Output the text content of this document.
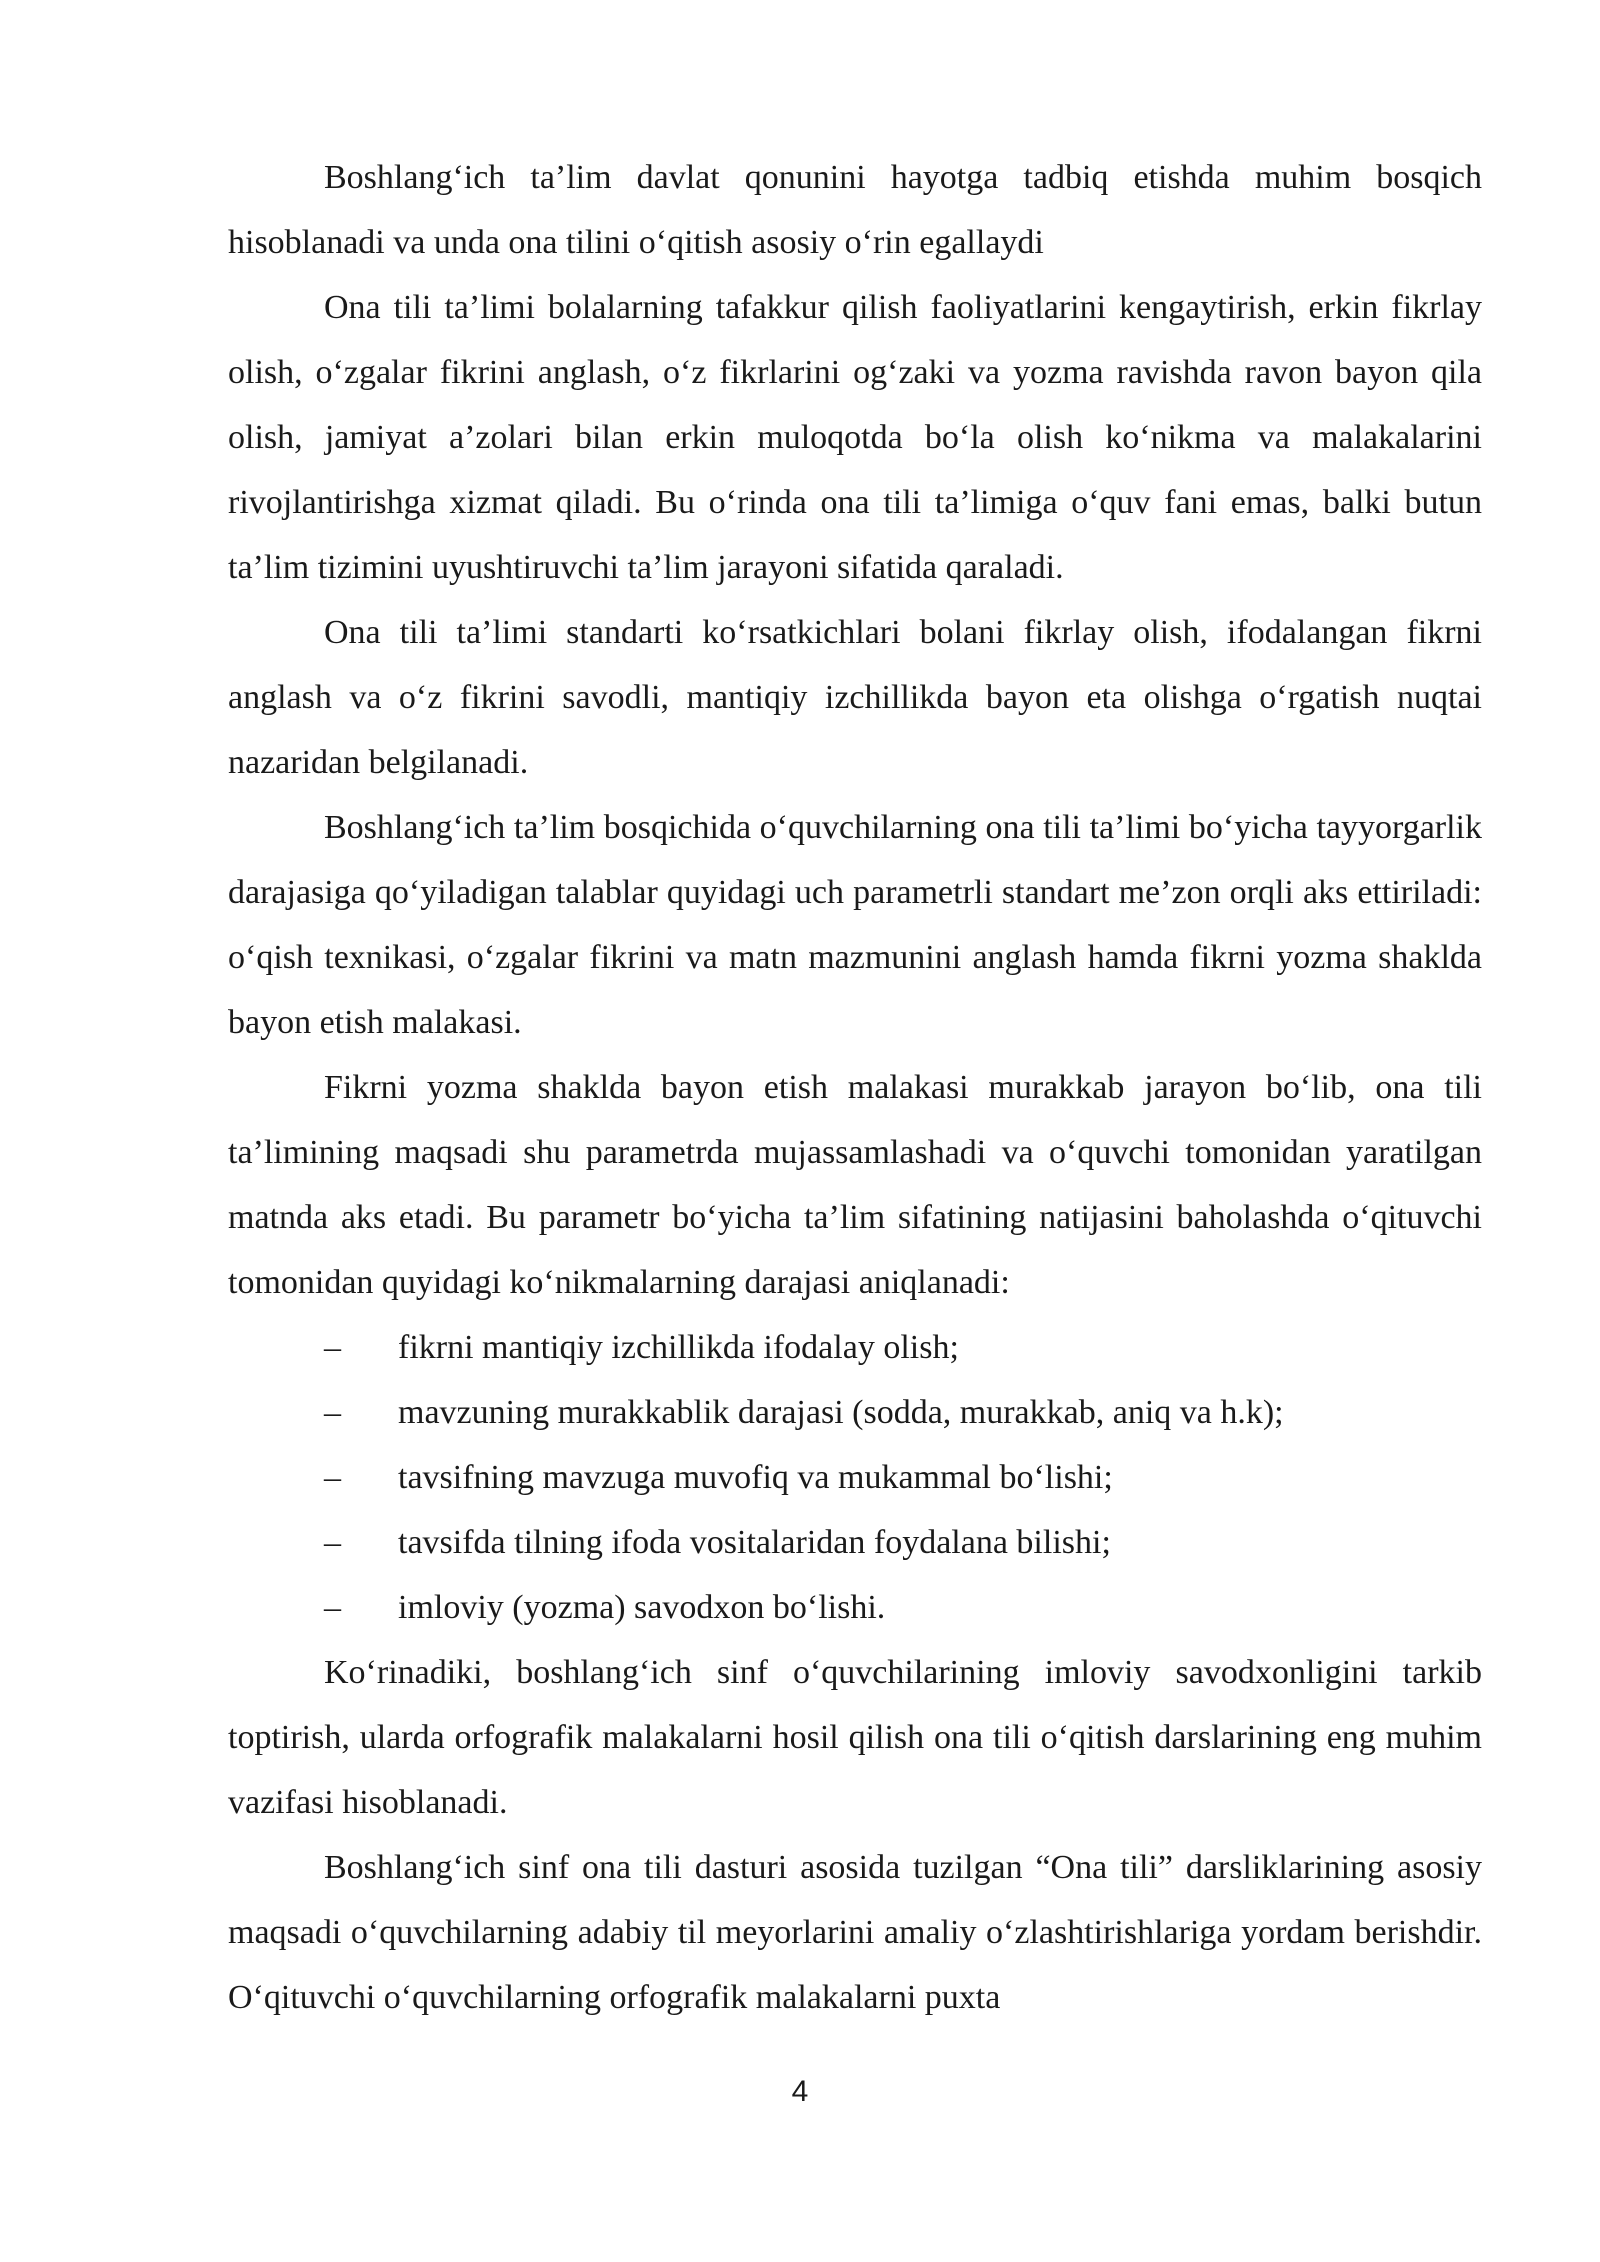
Boshlang‘ich ta’lim davlat qonunini hayotga tadbiq etishda muhim bosqich hisoblanadi va unda ona tilini o‘qitish asosiy o‘rin egallaydi

Ona tili ta’limi bolalarning tafakkur qilish faoliyatlarini kengaytirish, erkin fikrlay olish, o‘zgalar fikrini anglash, o‘z fikrlarini og‘zaki va yozma ravishda ravon bayon qila olish, jamiyat a’zolari bilan erkin muloqotda bo‘la olish ko‘nikma va malakalarini rivojlantirishga xizmat qiladi. Bu o‘rinda ona tili ta’limiga o‘quv fani emas, balki butun ta’lim tizimini uyushtiruvchi ta’lim jarayoni sifatida qaraladi.

Ona tili ta’limi standarti ko‘rsatkichlari bolani fikrlay olish, ifodalangan fikrni anglash va o‘z fikrini savodli, mantiqiy izchillikda bayon eta olishga o‘rgatish nuqtai nazaridan belgilanadi.

Boshlang‘ich ta’lim bosqichida o‘quvchilarning ona tili ta’limi bo‘yicha tayyorgarlik darajasiga qo‘yiladigan talablar quyidagi uch parametrli standart me’zon orqli aks ettiriladi: o‘qish texnikasi, o‘zgalar fikrini va matn mazmunini anglash hamda fikrni yozma shaklda bayon etish malakasi.

Fikrni yozma shaklda bayon etish malakasi murakkab jarayon bo‘lib, ona tili ta’limining maqsadi shu parametrda mujassamlashadi va o‘quvchi tomonidan yaratilgan matnda aks etadi. Bu parametr bo‘yicha ta’lim sifatining natijasini baholashda o‘qituvchi tomonidan quyidagi ko‘nikmalarning darajasi aniqlanadi:

– fikrni mantiqiy izchillikda ifodalay olish;
– mavzuning murakkablik darajasi (sodda, murakkab, aniq va h.k);
– tavsifning mavzuga muvofiq va mukammal bo‘lishi;
– tavsifda tilning ifoda vositalaridan foydalana bilishi;
– imloviy (yozma) savodxon bo‘lishi.

Ko‘rinadiki, boshlang‘ich sinf o‘quvchilarining imloviy savodxonligini tarkib toptirish, ularda orfografik malakalarni hosil qilish ona tili o‘qitish darslarining eng muhim vazifasi hisoblanadi.

Boshlang‘ich sinf ona tili dasturi asosida tuzilgan “Ona tili” darsliklarining asosiy maqsadi o‘quvchilarning adabiy til meyorlarini amaliy o‘zlashtirishlariga yordam berishdir. O‘qituvchi o‘quvchilarning orfografik malakalarni puxta

4
